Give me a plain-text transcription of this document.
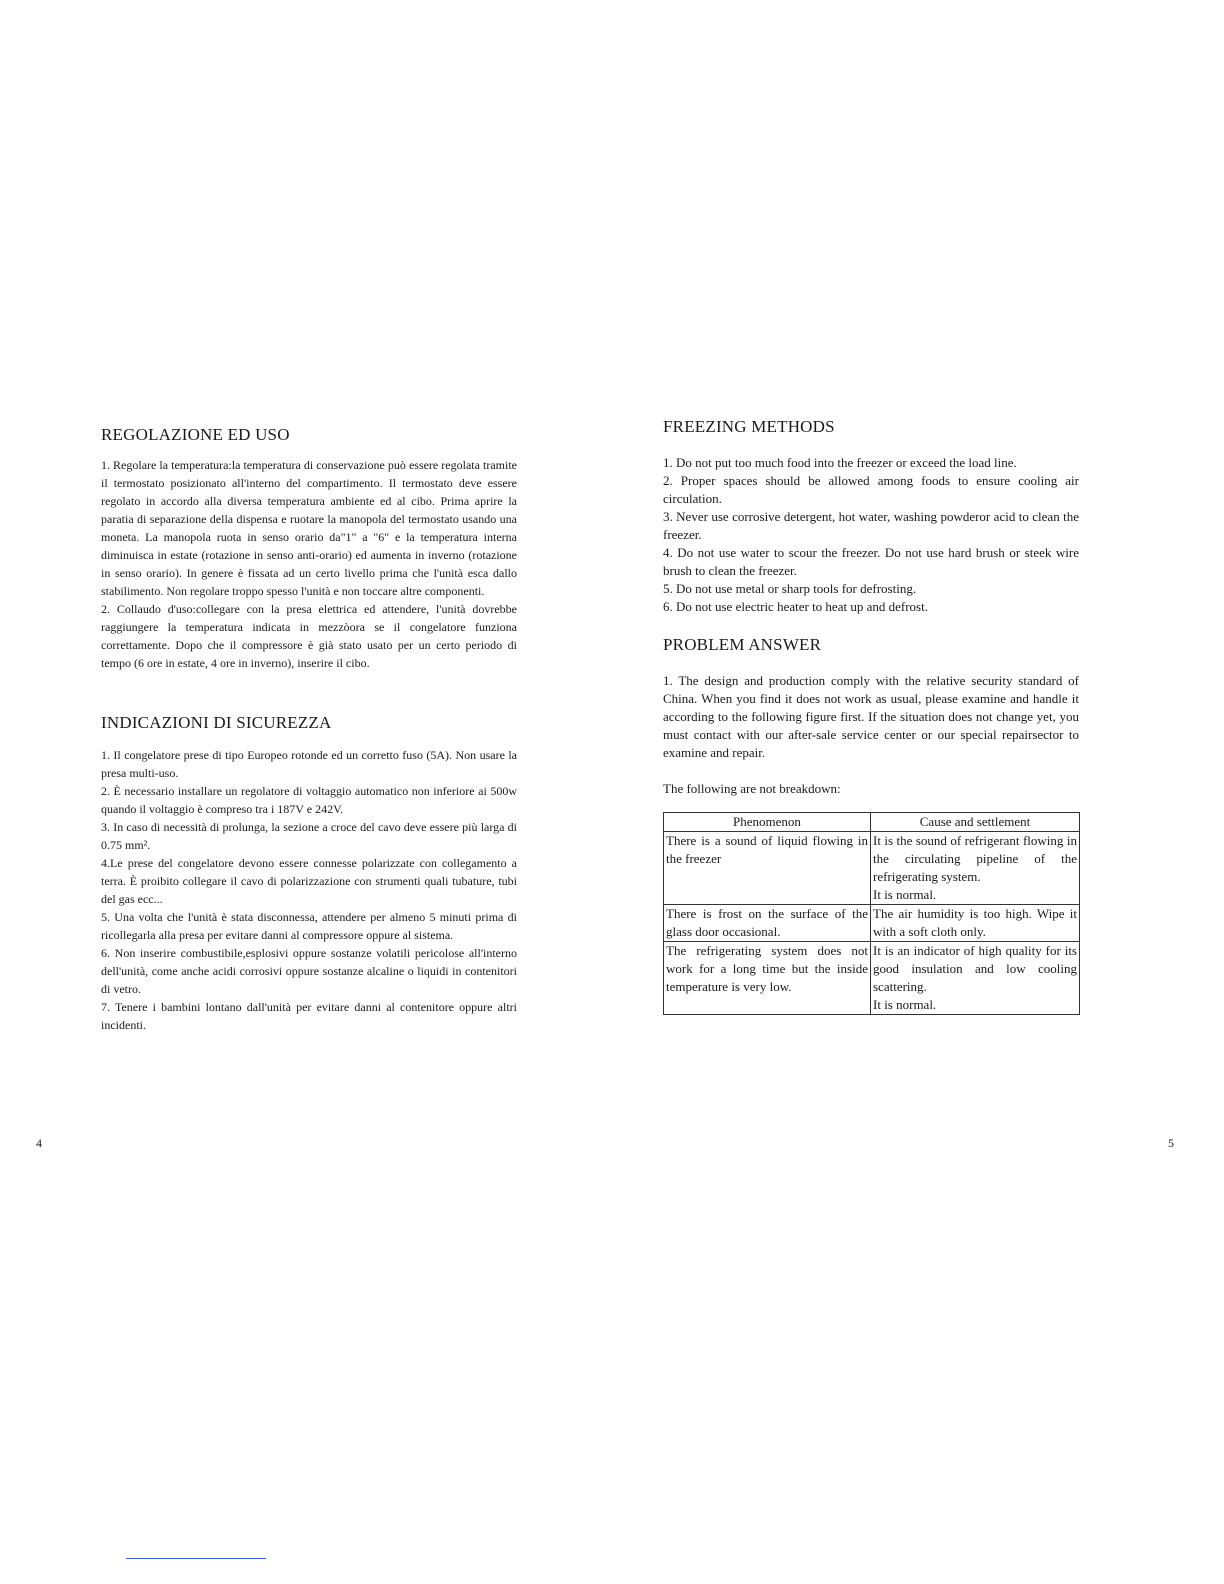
REGOLAZIONE ED USO

1. Regolare la temperatura:la temperatura di conservazione può essere regolata tramite il termostato posizionato all'interno del compartimento. Il termostato deve essere regolato in accordo alla diversa temperatura ambiente ed al cibo. Prima aprire la paratia di separazione della dispensa e ruotare la manopola del termostato usando una moneta. La manopola ruota in senso orario da"1" a "6" e la temperatura interna diminuisca in estate (rotazione in senso anti-orario) ed aumenta in inverno (rotazione in senso orario). In genere è fissata ad un certo livello prima che l'unità esca dallo stabilimento. Non regolare troppo spesso l'unità e non toccare altre componenti.

2. Collaudo d'uso:collegare con la presa elettrica ed attendere, l'unità dovrebbe raggiungere la temperatura indicata in mezzòora se il congelatore funziona correttamente. Dopo che il compressore è già stato usato per un certo periodo di tempo (6 ore in estate, 4 ore in inverno), inserire il cibo.

INDICAZIONI DI SICUREZZA

1. Il congelatore prese di tipo Europeo rotonde ed un corretto fuso (5A). Non usare la presa multi-uso.

2. È necessario installare un regolatore di voltaggio automatico non inferiore ai 500w quando il voltaggio è compreso tra i 187V e 242V.

3. In caso di necessità di prolunga, la sezione a croce del cavo deve essere più larga di 0.75 mm².

4.Le prese del congelatore devono essere connesse polarizzate con collegamento a terra. È proibito collegare il cavo di polarizzazione con strumenti quali tubature, tubi del gas ecc...

5. Una volta che l'unità è stata disconnessa, attendere per almeno 5 minuti prima di ricollegarla alla presa per evitare danni al compressore oppure al sistema.

6. Non inserire combustibile,esplosivi oppure sostanze volatili pericolose all'interno dell'unità, come anche acidi corrosivi oppure sostanze alcaline o liquidi in contenitori di vetro.

7. Tenere i bambini lontano dall'unità per evitare danni al contenitore oppure altri incidenti.

FREEZING METHODS

1. Do not put too much food into the freezer or exceed the load line.

2. Proper spaces should be allowed among foods to ensure cooling air circulation.

3. Never use corrosive detergent, hot water, washing powderor acid to clean the freezer.

4. Do not use water to scour the freezer. Do not use hard brush or steek wire brush to clean the freezer.

5. Do not use metal or sharp tools for defrosting.

6. Do not use electric heater to heat up and defrost.

PROBLEM ANSWER

1. The design and production comply with the relative security standard of China. When you find it does not work as usual, please examine and handle it according to the following figure first. If the situation does not change yet, you must contact with our after-sale service center or our special repairsector to examine and repair.

The following are not breakdown:

Phenomenon	Cause and settlement
There is a sound of liquid flowing in the freezer	It is the sound of refrigerant flowing in the circulating pipeline of the refrigerating system.
It is normal.

There is frost on the surface of the glass door occasional.	The air humidity is too high. Wipe it with a soft cloth only.

The refrigerating system does not work for a long time but the inside temperature is very low.	It is an indicator of high quality for its good insulation and low cooling scattering.
It is normal.
4	5
